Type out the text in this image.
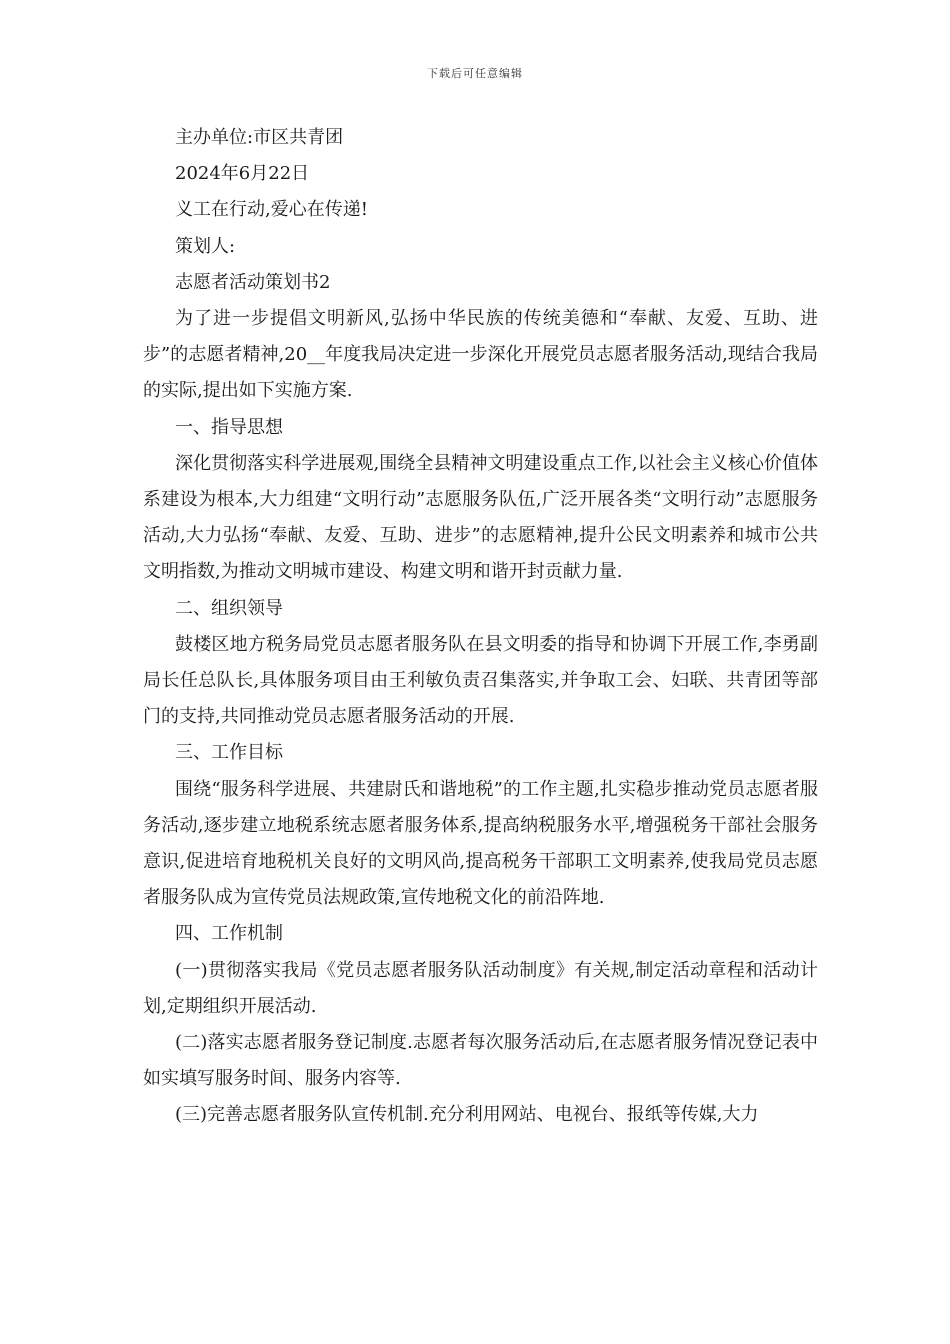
下载后可任意编辑

主办单位:市区共青团

2024年6月22日

义工在行动,爱心在传递!

策划人:

志愿者活动策划书2

为了进一步提倡文明新风,弘扬中华民族的传统美德和“奉献、友爱、互助、进步”的志愿者精神,20__年度我局决定进一步深化开展党员志愿者服务活动,现结合我局的实际,提出如下实施方案.

一、指导思想

深化贯彻落实科学进展观,围绕全县精神文明建设重点工作,以社会主义核心价值体系建设为根本,大力组建“文明行动”志愿服务队伍,广泛开展各类“文明行动”志愿服务活动,大力弘扬“奉献、友爱、互助、进步”的志愿精神,提升公民文明素养和城市公共文明指数,为推动文明城市建设、构建文明和谐开封贡献力量.

二、组织领导

鼓楼区地方税务局党员志愿者服务队在县文明委的指导和协调下开展工作,李勇副局长任总队长,具体服务项目由王利敏负责召集落实,并争取工会、妇联、共青团等部门的支持,共同推动党员志愿者服务活动的开展.

三、工作目标

围绕“服务科学进展、共建尉氏和谐地税”的工作主题,扎实稳步推动党员志愿者服务活动,逐步建立地税系统志愿者服务体系,提高纳税服务水平,增强税务干部社会服务意识,促进培育地税机关良好的文明风尚,提高税务干部职工文明素养,使我局党员志愿者服务队成为宣传党员法规政策,宣传地税文化的前沿阵地.

四、工作机制

(一)贯彻落实我局《党员志愿者服务队活动制度》有关规,制定活动章程和活动计划,定期组织开展活动.

(二)落实志愿者服务登记制度.志愿者每次服务活动后,在志愿者服务情况登记表中如实填写服务时间、服务内容等.

(三)完善志愿者服务队宣传机制.充分利用网站、电视台、报纸等传媒,大力
